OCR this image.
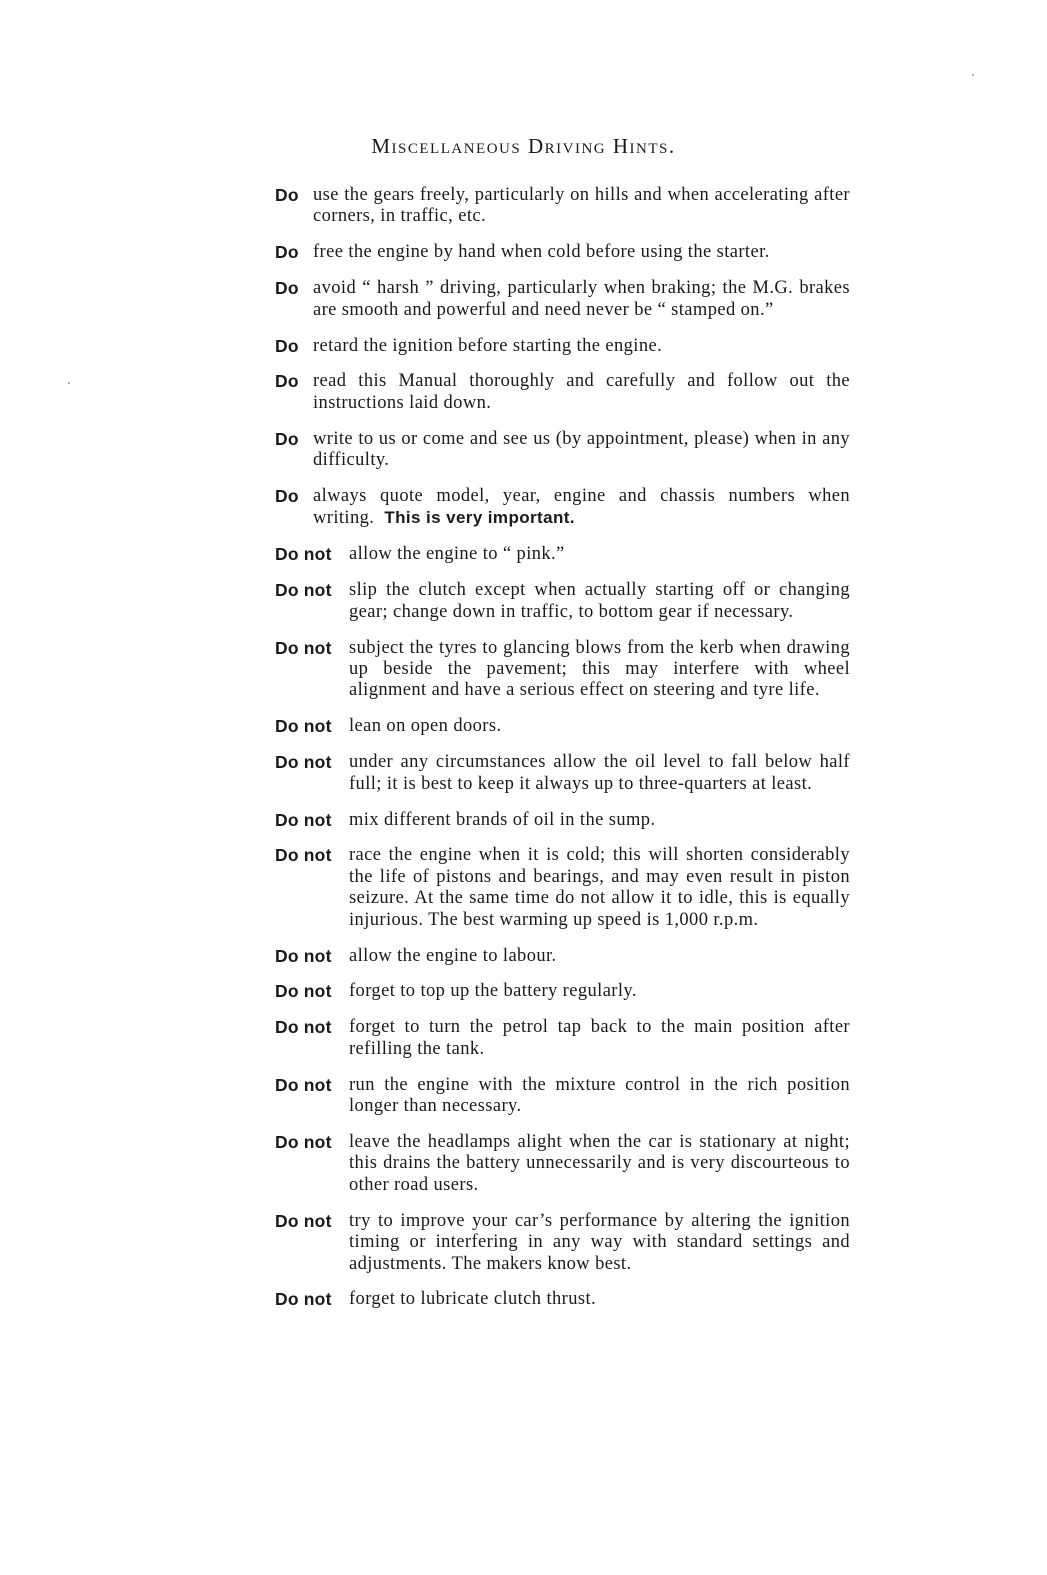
Miscellaneous Driving Hints.
Do use the gears freely, particularly on hills and when accelerating after corners, in traffic, etc.
Do free the engine by hand when cold before using the starter.
Do avoid “ harsh ” driving, particularly when braking; the M.G. brakes are smooth and powerful and need never be “ stamped on.”
Do retard the ignition before starting the engine.
Do read this Manual thoroughly and carefully and follow out the instructions laid down.
Do write to us or come and see us (by appointment, please) when in any difficulty.
Do always quote model, year, engine and chassis numbers when writing. This is very important.
Do not allow the engine to “ pink.”
Do not slip the clutch except when actually starting off or changing gear; change down in traffic, to bottom gear if necessary.
Do not subject the tyres to glancing blows from the kerb when drawing up beside the pavement; this may interfere with wheel alignment and have a serious effect on steering and tyre life.
Do not lean on open doors.
Do not under any circumstances allow the oil level to fall below half full; it is best to keep it always up to three-quarters at least.
Do not mix different brands of oil in the sump.
Do not race the engine when it is cold; this will shorten considerably the life of pistons and bearings, and may even result in piston seizure. At the same time do not allow it to idle, this is equally injurious. The best warming up speed is 1,000 r.p.m.
Do not allow the engine to labour.
Do not forget to top up the battery regularly.
Do not forget to turn the petrol tap back to the main position after refilling the tank.
Do not run the engine with the mixture control in the rich position longer than necessary.
Do not leave the headlamps alight when the car is stationary at night; this drains the battery unnecessarily and is very discourteous to other road users.
Do not try to improve your car’s performance by altering the ignition timing or interfering in any way with standard settings and adjustments. The makers know best.
Do not forget to lubricate clutch thrust.
